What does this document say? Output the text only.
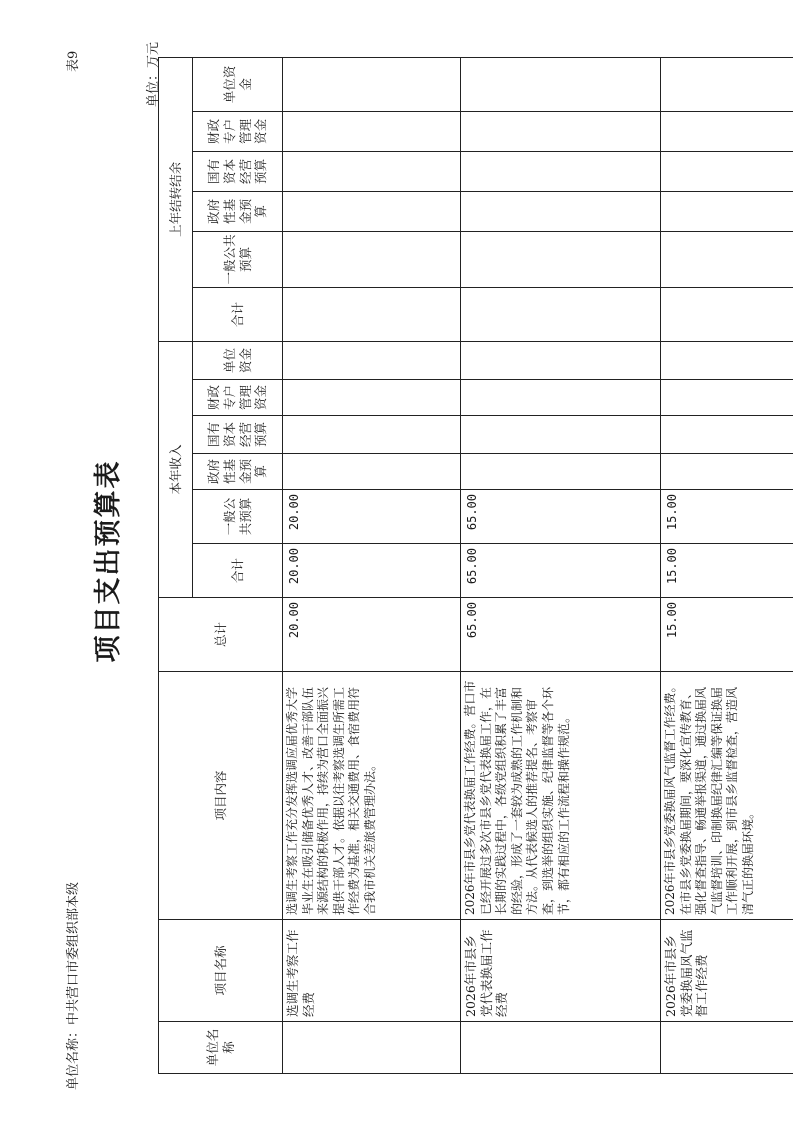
项目支出预算表
表9
单位名称：中共营口市委组织部本级
单位：万元
单位名称	项目名称	项目内容	总计	本年收入						上年结转结余					
				合计	一般公共预算	政府性基金预算	国有资本经营预算	财政专户管理资金	单位资金	合计	一般公共预算	政府性基金预算	国有资本经营预算	财政专户管理资金	单位资金
	选调生考察工作经费	选调生考察工作充分发挥选调应届优秀大学毕业生在吸引储备优秀人才、改善干部队伍来源结构的积极作用，持续为营口全面振兴提供干部人才。依据以往考察选调生所需工作经费为基准，相关交通费用、食宿费用符合我市机关差旅费管理办法。	20.00	20.00	20.00										
	2026年市县乡党代表换届工作经费	2026年市县乡党代表换届工作经费。营口市已经开展过多次市县乡党代表换届工作，在长期的实践过程中，各级党组织积累了丰富的经验，形成了一套较为成熟的工作机制和方法。从代表候选人的推荐提名、考察审查，到选举的组织实施、纪律监督等各个环节，都有相应的工作流程和操作规范。	65.00	65.00	65.00										
	2026年市县乡党委换届风气监督工作经费	2026年市县乡党委换届风气监督工作经费。在市县乡党委换届期间，要深化宣传教育、强化督查指导、畅通举报渠道，通过换届风气监督培训、印制换届纪律汇编等保证换届工作顺利开展，到市县乡监督检查，营造风清气正的换届环境。	15.00	15.00	15.00										
